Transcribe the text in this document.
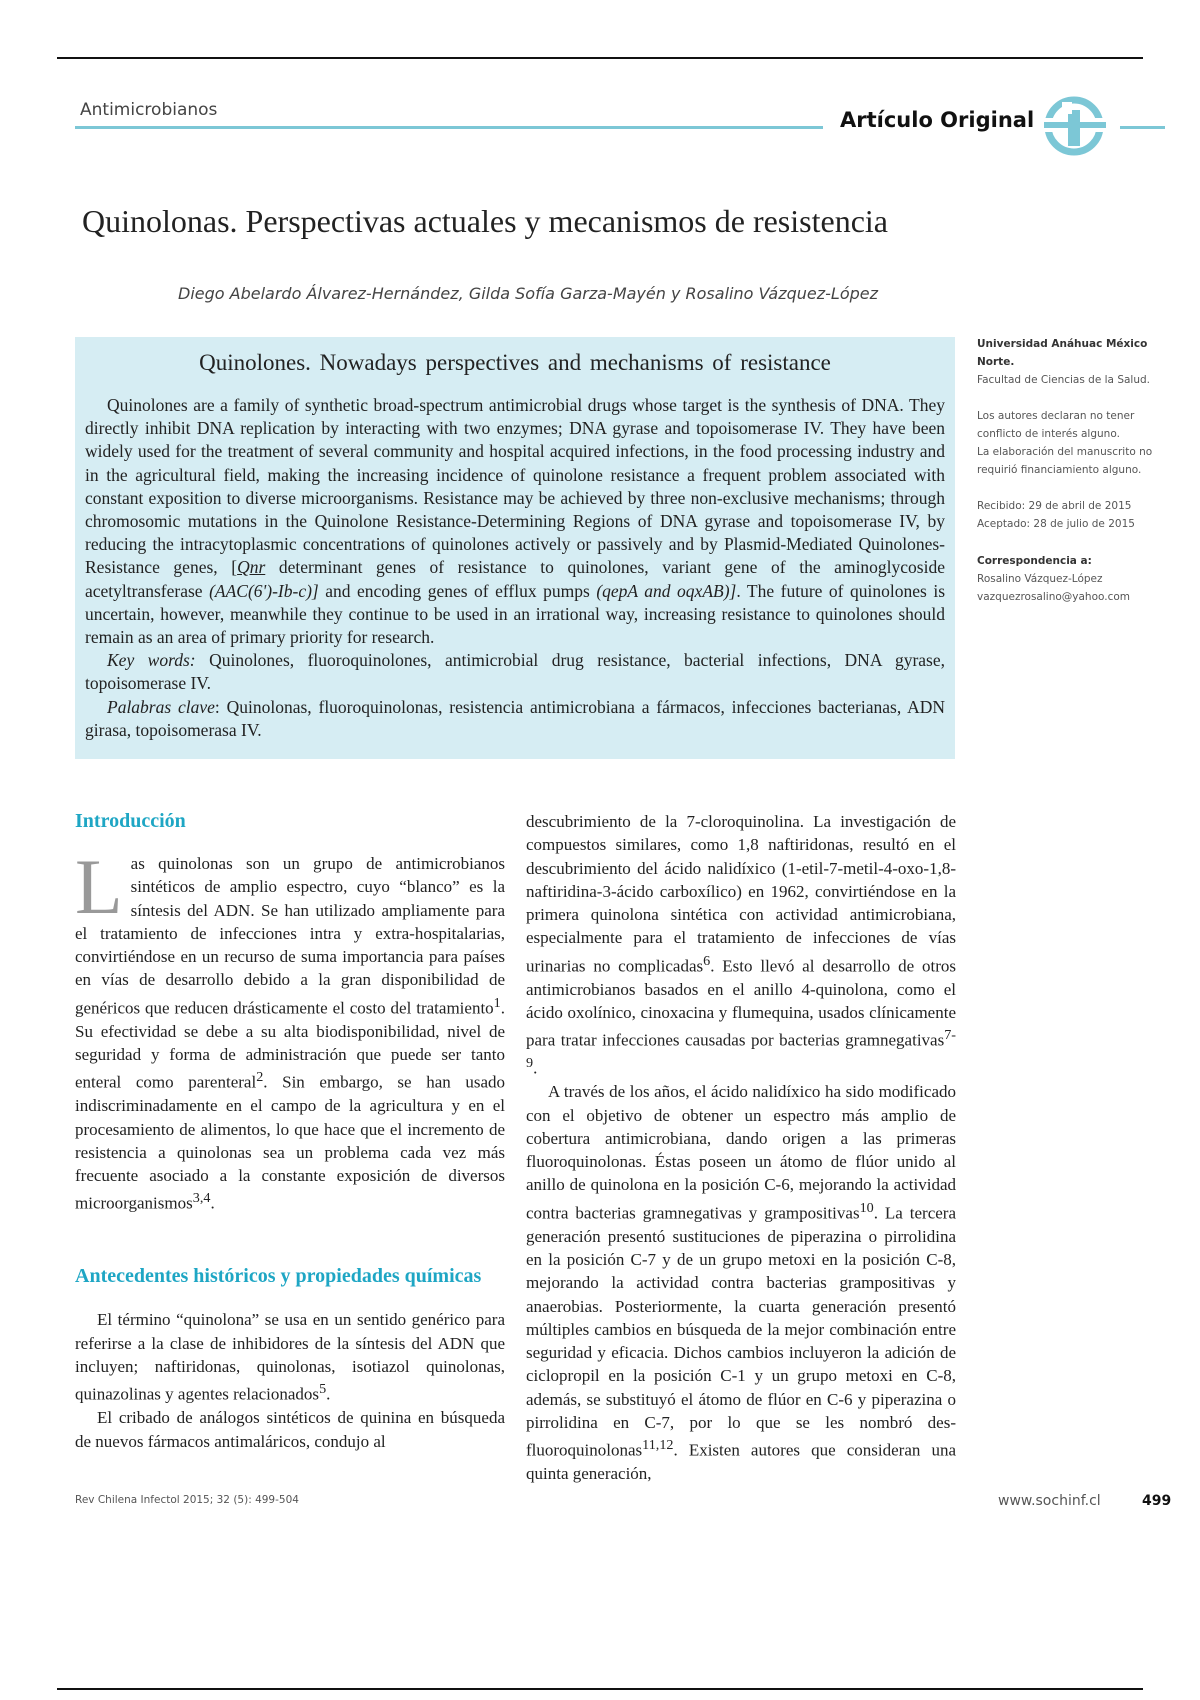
Antimicrobianos	Artículo Original
Quinolonas. Perspectivas actuales y mecanismos de resistencia
Diego Abelardo Álvarez-Hernández, Gilda Sofía Garza-Mayén y Rosalino Vázquez-López
Quinolones. Nowadays perspectives and mechanisms of resistance

Quinolones are a family of synthetic broad-spectrum antimicrobial drugs whose target is the synthesis of DNA. They directly inhibit DNA replication by interacting with two enzymes; DNA gyrase and topoisomerase IV. They have been widely used for the treatment of several community and hospital acquired infections, in the food processing industry and in the agricultural field, making the increasing incidence of quinolone resistance a frequent problem associated with constant exposition to diverse microorganisms. Resistance may be achieved by three non-exclusive mechanisms; through chromosomic mutations in the Quinolone Resistance-Determining Regions of DNA gyrase and topoisomerase IV, by reducing the intracytoplasmic concentrations of quinolones actively or passively and by Plasmid-Mediated Quinolones-Resistance genes, [Qnr determinant genes of resistance to quinolones, variant gene of the aminoglycoside acetyltransferase (AAC(6')-Ib-c)] and encoding genes of efflux pumps (qepA and oqxAB)]. The future of quinolones is uncertain, however, meanwhile they continue to be used in an irrational way, increasing resistance to quinolones should remain as an area of primary priority for research.

Key words: Quinolones, fluoroquinolones, antimicrobial drug resistance, bacterial infections, DNA gyrase, topoisomerase IV.

Palabras clave: Quinolonas, fluoroquinolonas, resistencia antimicrobiana a fármacos, infecciones bacterianas, ADN girasa, topoisomerasa IV.

Universidad Anáhuac México Norte.
Facultad de Ciencias de la Salud.
Los autores declaran no tener conflicto de interés alguno.
La elaboración del manuscrito no requirió financiamiento alguno.
Recibido: 29 de abril de 2015
Aceptado: 28 de julio de 2015
Correspondencia a:
Rosalino Vázquez-López
vazquezrosalino@yahoo.com
Introducción

Las quinolonas son un grupo de antimicrobianos sintéticos de amplio espectro, cuyo “blanco” es la síntesis del ADN. Se han utilizado ampliamente para el tratamiento de infecciones intra y extra-hospitalarias, convirtiéndose en un recurso de suma importancia para países en vías de desarrollo debido a la gran disponibilidad de genéricos que reducen drásticamente el costo del tratamiento$^1$. Su efectividad se debe a su alta biodisponibilidad, nivel de seguridad y forma de administración que puede ser tanto enteral como parenteral$^2$. Sin embargo, se han usado indiscriminadamente en el campo de la agricultura y en el procesamiento de alimentos, lo que hace que el incremento de resistencia a quinolonas sea un problema cada vez más frecuente asociado a la constante exposición de diversos microorganismos$^{3,4}$.

Antecedentes históricos y propiedades químicas

El término “quinolona” se usa en un sentido genérico para referirse a la clase de inhibidores de la síntesis del ADN que incluyen; naftiridonas, quinolonas, isotiazol quinolonas, quinazolinas y agentes relacionados$^5$.

El cribado de análogos sintéticos de quinina en búsqueda de nuevos fármacos antimaláricos, condujo al

descubrimiento de la 7-cloroquinolina. La investigación de compuestos similares, como 1,8 naftiridonas, resultó en el descubrimiento del ácido nalidíxico (1-etil-7-metil-4-oxo-1,8-naftiridina-3-ácido carboxílico) en 1962, convirtiéndose en la primera quinolona sintética con actividad antimicrobiana, especialmente para el tratamiento de infecciones de vías urinarias no complicadas$^6$. Esto llevó al desarrollo de otros antimicrobianos basados en el anillo 4-quinolona, como el ácido oxolínico, cinoxacina y flumequina, usados clínicamente para tratar infecciones causadas por bacterias gramnegativas$^{7-9}$.

A través de los años, el ácido nalidíxico ha sido modificado con el objetivo de obtener un espectro más amplio de cobertura antimicrobiana, dando origen a las primeras fluoroquinolonas. Éstas poseen un átomo de flúor unido al anillo de quinolona en la posición C-6, mejorando la actividad contra bacterias gramnegativas y grampositivas$^{10}$. La tercera generación presentó sustituciones de piperazina o pirrolidina en la posición C-7 y de un grupo metoxi en la posición C-8, mejorando la actividad contra bacterias grampositivas y anaerobias. Posteriormente, la cuarta generación presentó múltiples cambios en búsqueda de la mejor combinación entre seguridad y eficacia. Dichos cambios incluyeron la adición de ciclopropil en la posición C-1 y un grupo metoxi en C-8, además, se substituyó el átomo de flúor en C-6 y piperazina o pirrolidina en C-7, por lo que se les nombró des-fluoroquinolonas$^{11,12}$. Existen autores que consideran una quinta generación,

Rev Chilena Infectol 2015; 32 (5): 499-504	www.sochinf.cl	499
